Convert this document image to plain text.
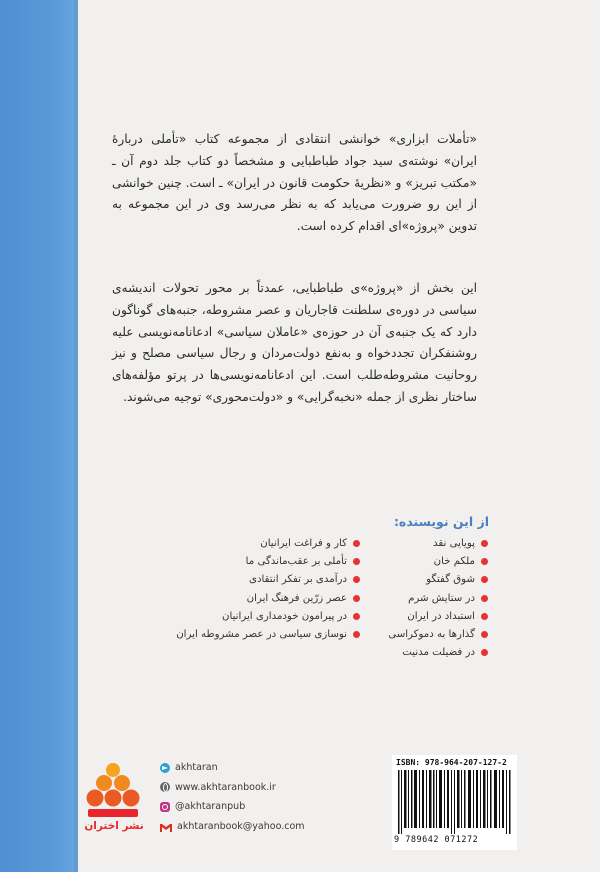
«تأملات ابزاری» خوانشی انتقادی از مجموعه کتاب «تأملی دربارهٔ ایران» نوشته‌ی سید جواد طباطبایی و مشخصاً دو کتاب جلد دوم آن ـ «مکتب تبریز» و «نظریهٔ حکومت قانون در ایران» ـ است. چنین خوانشی از این رو ضرورت می‌یابد که به نظر می‌رسد وی در این مجموعه به تدوین «پروژه»ای اقدام کرده است.

این بخش از «پروژه»ی طباطبایی، عمدتاً بر محور تحولات اندیشه‌ی سیاسی در دوره‌ی سلطنت قاجاریان و عصر مشروطه، جنبه‌های گوناگون دارد که یک جنبه‌ی آن در حوزه‌ی «عاملان سیاسی» ادعانامه‌نویسی علیه روشنفکران تجددخواه و به‌نفع دولت‌مردان و رجال سیاسی مصلح و نیز روحانیت مشروطه‌طلب است. این ادعانامه‌نویسی‌ها در پرتو مؤلفه‌های ساختار نظری از جمله «نخبه‌گرایی» و «دولت‌محوری» توجیه می‌شوند.

از این نویسنده:
پویایی نقد
ملکم خان
شوق گفتگو
در ستایش شرم
استبداد در ایران
گذارها به دموکراسی
در فضیلت مدنیت
کار و فراغت ایرانیان
تأملی بر عقب‌ماندگی ما
درآمدی بر تفکر انتقادی
عصر زرّین فرهنگ ایران
در پیرامون خودمداری ایرانیان
نوسازی سیاسی در عصر مشروطه ایران
نشر اختران
akhtaran
www.akhtaranbook.ir
@akhtaranpub
akhtaranbook@yahoo.com
ISBN: 978-964-207-127-2
9 789642 071272
